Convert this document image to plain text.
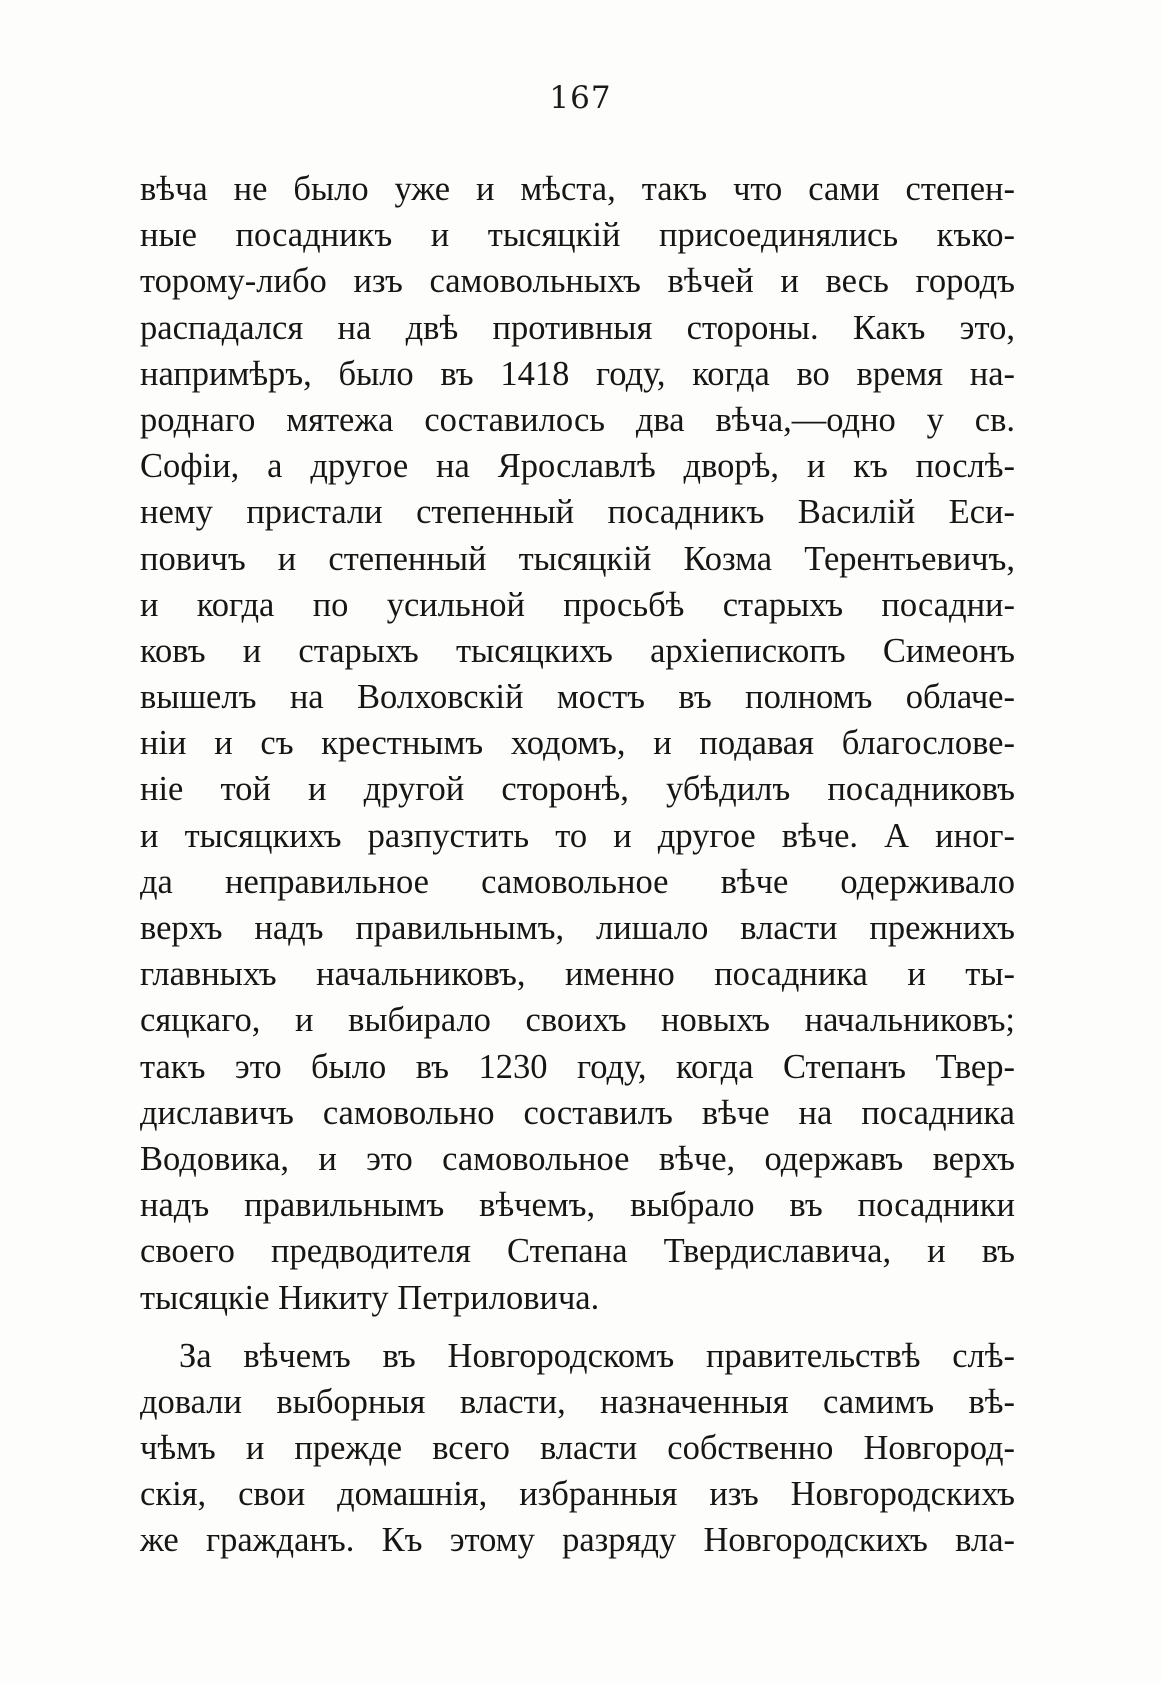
167
вѣча не было уже и мѣста, такъ что сами степен-
ные посадникъ и тысяцкій присоединялись къко-
торому-либо изъ самовольныхъ вѣчей и весь городъ
распадался на двѣ противныя стороны. Какъ это,
напримѣръ, было въ 1418 году, когда во время на-
роднаго мятежа составилось два вѣча,—одно у св.
Софіи, а другое на Ярославлѣ дворѣ, и къ послѣ-
нему пристали степенный посадникъ Василій Еси-
повичъ и степенный тысяцкій Козма Терентьевичъ,
и когда по усильной просьбѣ старыхъ посадни-
ковъ и старыхъ тысяцкихъ архіепископъ Симеонъ
вышелъ на Волховскій мостъ въ полномъ облаче-
ніи и съ крестнымъ ходомъ, и подавая благослове-
ніе той и другой сторонѣ, убѣдилъ посадниковъ
и тысяцкихъ разпустить то и другое вѣче. А иног-
да неправильное самовольное вѣче одерживало
верхъ надъ правильнымъ, лишало власти прежнихъ
главныхъ начальниковъ, именно посадника и ты-
сяцкаго, и выбирало своихъ новыхъ начальниковъ;
такъ это было въ 1230 году, когда Степанъ Твер-
диславичъ самовольно составилъ вѣче на посадника
Водовика, и это самовольное вѣче, одержавъ верхъ
надъ правильнымъ вѣчемъ, выбрало въ посадники
своего предводителя Степана Твердиславича, и въ
тысяцкіе Никиту Петриловича.
За вѣчемъ въ Новгородскомъ правительствѣ слѣ-
довали выборныя власти, назначенныя самимъ вѣ-
чѣмъ и прежде всего власти собственно Новгород-
скія, свои домашнія, избранныя изъ Новгородскихъ
же гражданъ. Къ этому разряду Новгородскихъ вла-
